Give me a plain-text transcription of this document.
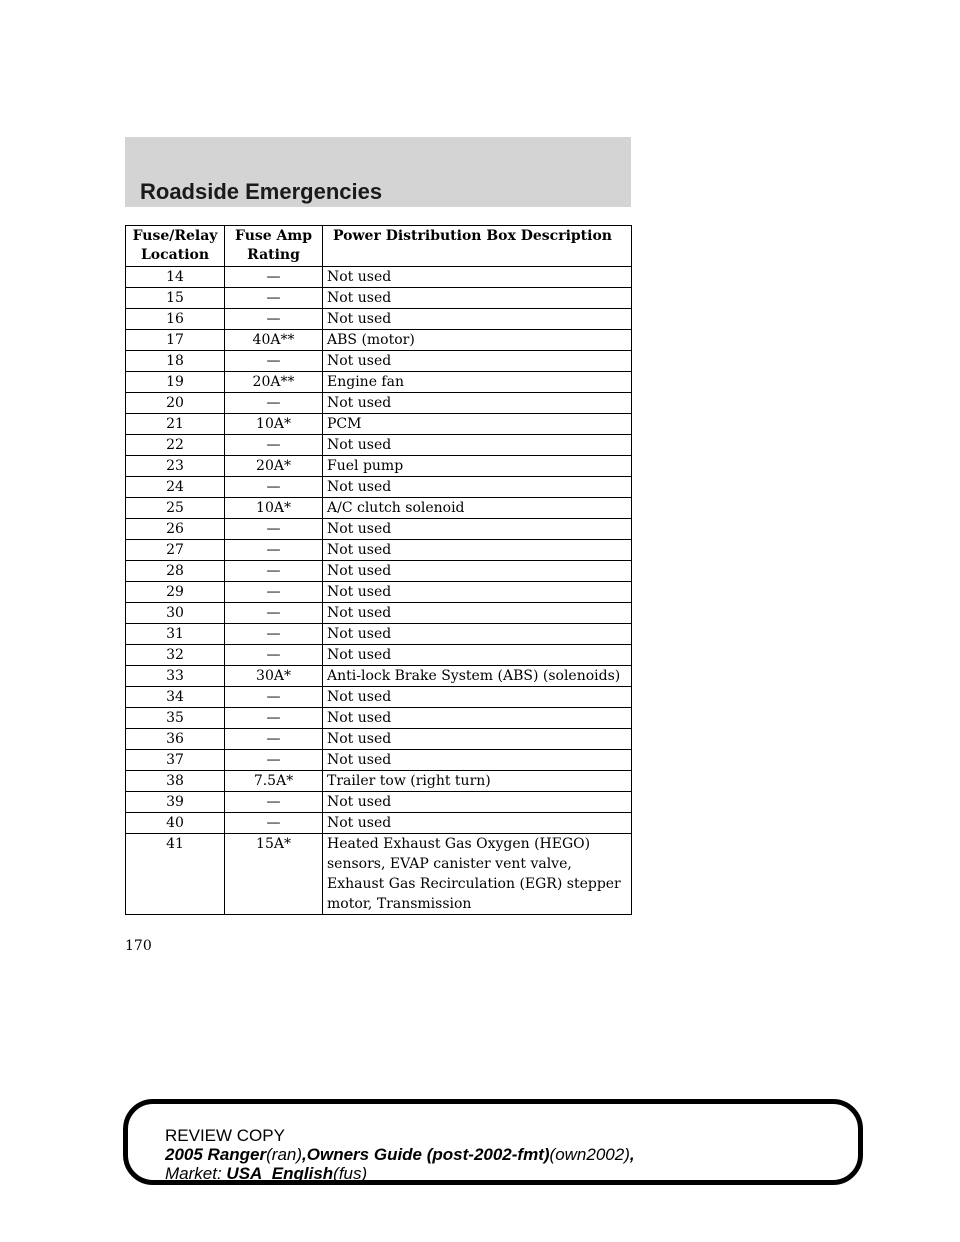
Roadside Emergencies
Fuse/Relay Location	Fuse Amp Rating	Power Distribution Box Description
14	—	Not used
15	—	Not used
16	—	Not used
17	40A**	ABS (motor)
18	—	Not used
19	20A**	Engine fan
20	—	Not used
21	10A*	PCM
22	—	Not used
23	20A*	Fuel pump
24	—	Not used
25	10A*	A/C clutch solenoid
26	—	Not used
27	—	Not used
28	—	Not used
29	—	Not used
30	—	Not used
31	—	Not used
32	—	Not used
33	30A*	Anti-lock Brake System (ABS) (solenoids)
34	—	Not used
35	—	Not used
36	—	Not used
37	—	Not used
38	7.5A*	Trailer tow (right turn)
39	—	Not used
40	—	Not used
41	15A*	Heated Exhaust Gas Oxygen (HEGO) sensors, EVAP canister vent valve, Exhaust Gas Recirculation (EGR) stepper motor, Transmission
170
REVIEW COPY
2005 Ranger(ran),Owners Guide (post-2002-fmt)(own2002),
Market: USA_English(fus)
